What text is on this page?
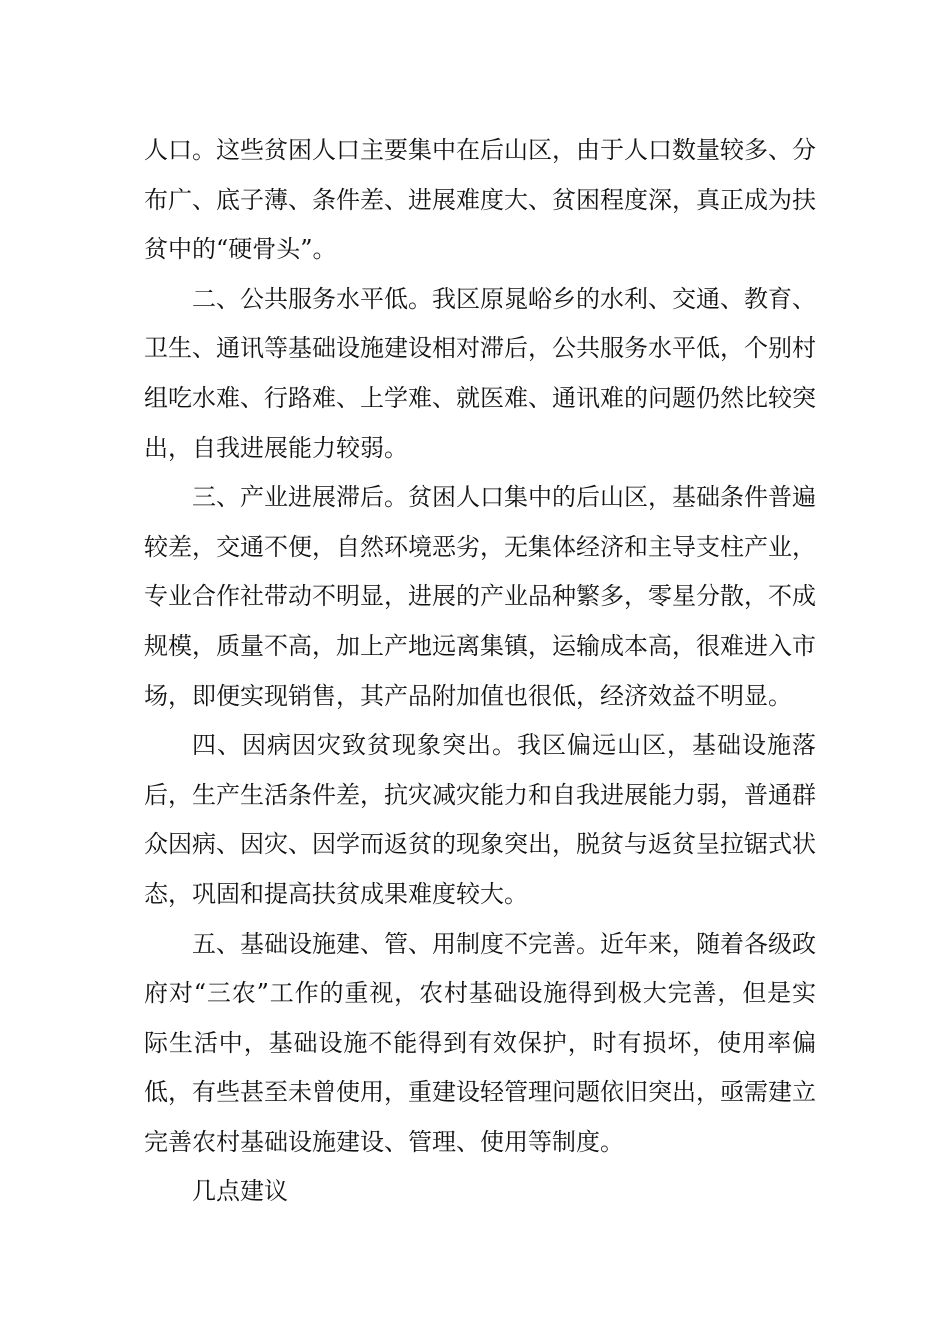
人口。这些贫困人口主要集中在后山区，由于人口数量较多、分布广、底子薄、条件差、进展难度大、贫困程度深，真正成为扶贫中的“硬骨头”。

二、公共服务水平低。我区原晁峪乡的水利、交通、教育、卫生、通讯等基础设施建设相对滞后，公共服务水平低，个别村组吃水难、行路难、上学难、就医难、通讯难的问题仍然比较突出，自我进展能力较弱。

三、产业进展滞后。贫困人口集中的后山区，基础条件普遍较差，交通不便，自然环境恶劣，无集体经济和主导支柱产业，专业合作社带动不明显，进展的产业品种繁多，零星分散，不成规模，质量不高，加上产地远离集镇，运输成本高，很难进入市场，即便实现销售，其产品附加值也很低，经济效益不明显。

四、因病因灾致贫现象突出。我区偏远山区，基础设施落后，生产生活条件差，抗灾减灾能力和自我进展能力弱，普通群众因病、因灾、因学而返贫的现象突出，脱贫与返贫呈拉锯式状态，巩固和提高扶贫成果难度较大。

五、基础设施建、管、用制度不完善。近年来，随着各级政府对“三农”工作的重视，农村基础设施得到极大完善，但是实际生活中，基础设施不能得到有效保护，时有损坏，使用率偏低，有些甚至未曾使用，重建设轻管理问题依旧突出，亟需建立完善农村基础设施建设、管理、使用等制度。

几点建议
